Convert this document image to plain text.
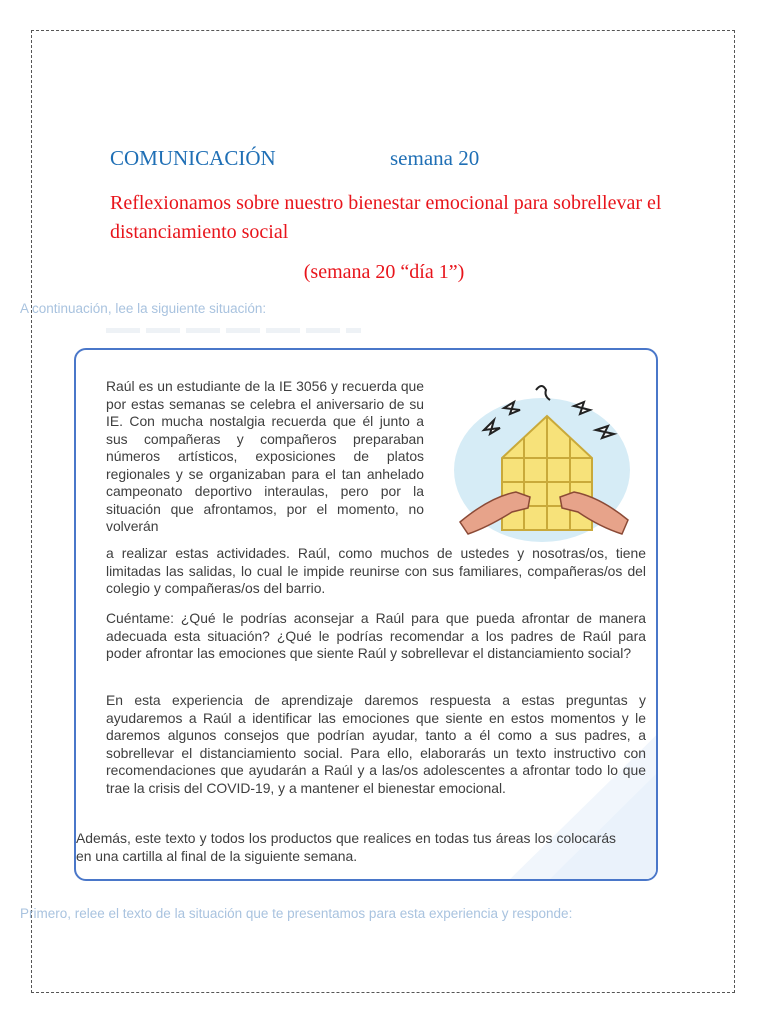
COMUNICACIÓN	semana 20
Reflexionamos sobre nuestro bienestar emocional para sobrellevar el distanciamiento social
(semana 20 “día 1”)
A continuación, lee la siguiente situación:
Raúl es un estudiante de la IE 3056 y recuerda que por estas semanas se celebra el aniversario de su IE. Con mucha nostalgia recuerda que él junto a sus compañeras y compañeros preparaban números artísticos, exposiciones de platos regionales y se organizaban para el tan anhelado campeonato deportivo interaulas, pero por la situación que afrontamos, por el momento, no volverán
a realizar estas actividades. Raúl, como muchos de ustedes y nosotras/os, tiene limitadas las salidas, lo cual le impide reunirse con sus familiares, compañeras/os del colegio y compañeras/os del barrio.
Cuéntame: ¿Qué le podrías aconsejar a Raúl para que pueda afrontar de manera adecuada esta situación? ¿Qué le podrías recomendar a los padres de Raúl para poder afrontar las emociones que siente Raúl y sobrellevar el distanciamiento social?
En esta experiencia de aprendizaje daremos respuesta a estas preguntas y ayudaremos a Raúl a identificar las emociones que siente en estos momentos y le daremos algunos consejos que podrían ayudar, tanto a él como a sus padres, a sobrellevar el distanciamiento social. Para ello, elaborarás un texto instructivo con recomendaciones que ayudarán a Raúl y a las/os adolescentes a afrontar todo lo que trae la crisis del COVID-19, y a mantener el bienestar emocional.
Además, este texto y todos los productos que realices en todas tus áreas los colocarás en una cartilla al final de la siguiente semana.
Primero, relee el texto de la situación que te presentamos para esta experiencia y responde:
